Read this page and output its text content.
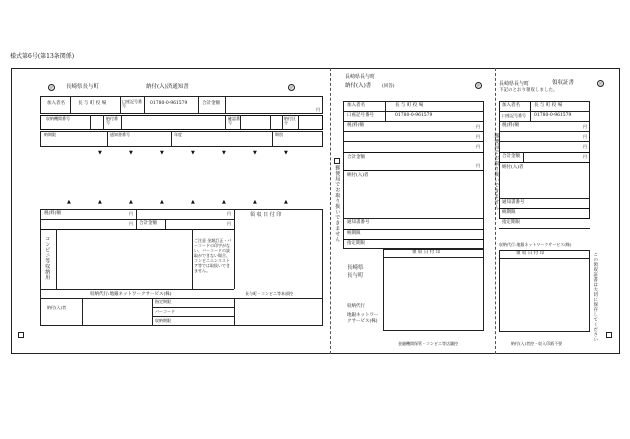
様式第6号(第13条関係)
㊞ 長崎県長与町	納付(入)済通知書	㊞
加入者名	長 与 町 役 場	口座記号番号	01780-0-961579	合計金額
円
収納機関番号	納付番号
確認番号
納付区分
納期限	通知書番号	年度	期別
▼	▼	▼	▼	▼	▼	▼
▲	▲	▲	▲	▲	▲	▲	▲
税(料)額	円	円
円 合計金額	円
領 収 日 付 印
コンビニ等収納用	ご注意 金額訂正・バーコードの印字がない、バーコードの読取ができない場合、コンビニエンスストア等では取扱いできません。
収納代行:地銀ネットワークサービス(株)
納付(入)者
指定期限
バーコード
収納期限
長与町・コンビニ等本部控
長崎県長与町
納付(入)書 (回答)	㊞
加入者名	長 与 町 役 場
口座記号番号	01780-0-961579
税(料)額	円
円
円
合計金額
円
納付(入)者
通知書番号
納期限
指定期限
郵便局でお取り扱いできません
領 収 日 付 印
長崎県
長与町
収納代行
地銀ネットワークサービス(株)
金融機関保管・コンビニ等店舗控
長崎県長与町	領収証書	㊞
下記のとおり領収しました。
加入者名	長 与 町 役 場
口座記号番号 01780-0-961579
税(料)額	円
円
円
合計金額	円
納付(入)者
通知書番号
納期限
指定期限
郵便局でお取り扱いできません
収納代行:地銀ネットワークサービス(株)
領 収 日 付 印	この領収証書は大切に保存してください
納付(入)者控・収入印紙不要
